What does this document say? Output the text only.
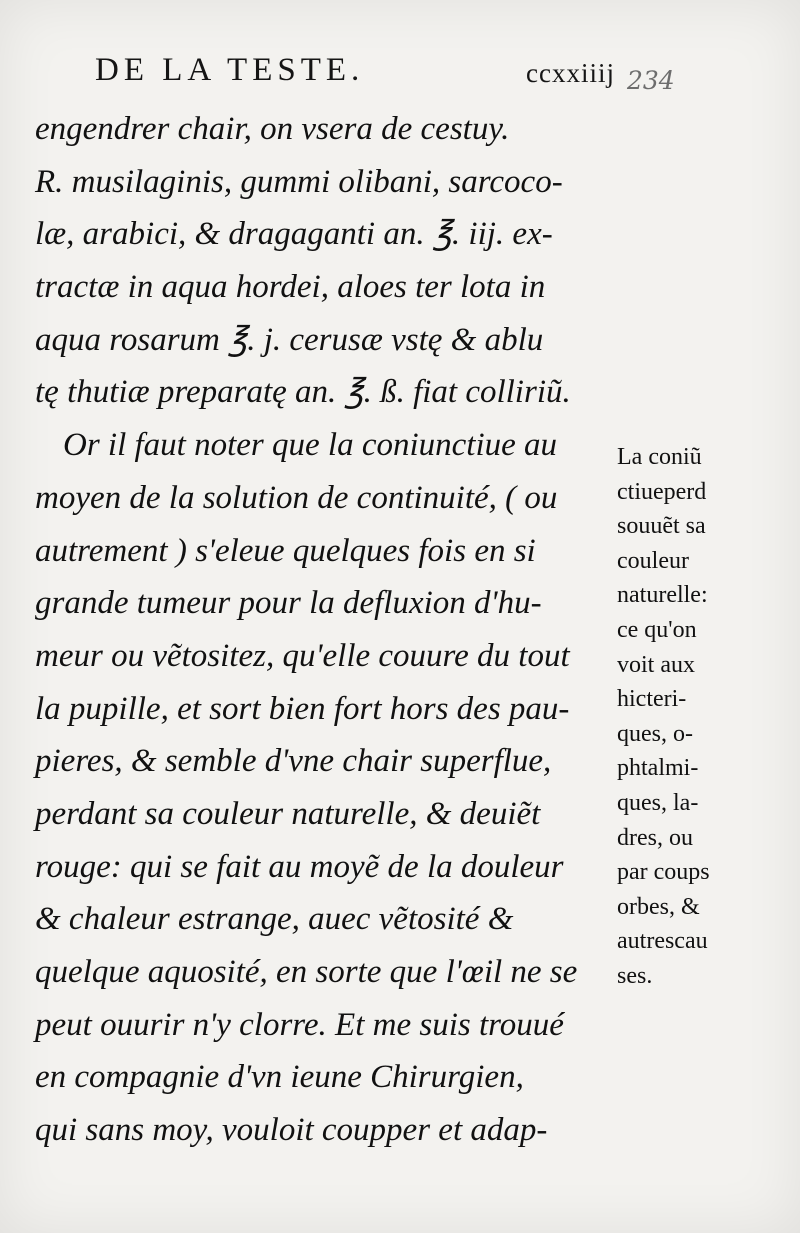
DE LA TESTE.	ccxxiiij 234
engendrer chair, on vsera de cestuy.
R. musilaginis, gummi olibani, sarcoco-
læ, arabici, & dragaganti an. ℥. iij. ex-
tractæ in aqua hordei, aloes ter lota in
aqua rosarum ℥. j. cerusæ vstę & ablu
tę thutiæ preparatę an. ℥. ß. fiat colliriũ.
Or il faut noter que la coniunctiue au
moyen de la solution de continuité, ( ou
autrement ) s'eleue quelques fois en si
grande tumeur pour la defluxion d'hu-
meur ou vẽtositez, qu'elle couure du tout
la pupille, et sort bien fort hors des pau-
pieres, & semble d'vne chair superflue,
perdant sa couleur naturelle, & deuiẽt
rouge: qui se fait au moyẽ de la douleur
& chaleur estrange, auec vẽtosité &
quelque aquosité, en sorte que l'œil ne se
peut ouurir n'y clorre. Et me suis trouué
en compagnie d'vn ieune Chirurgien,
qui sans moy, vouloit coupper et adap-
La coniũ
ctiueperd
souuẽt sa
couleur
naturelle:
ce qu'on
voit aux
hicteri-
ques, o-
phtalmi-
ques, la-
dres, ou
par coups
orbes, &
autrescau
ses.
